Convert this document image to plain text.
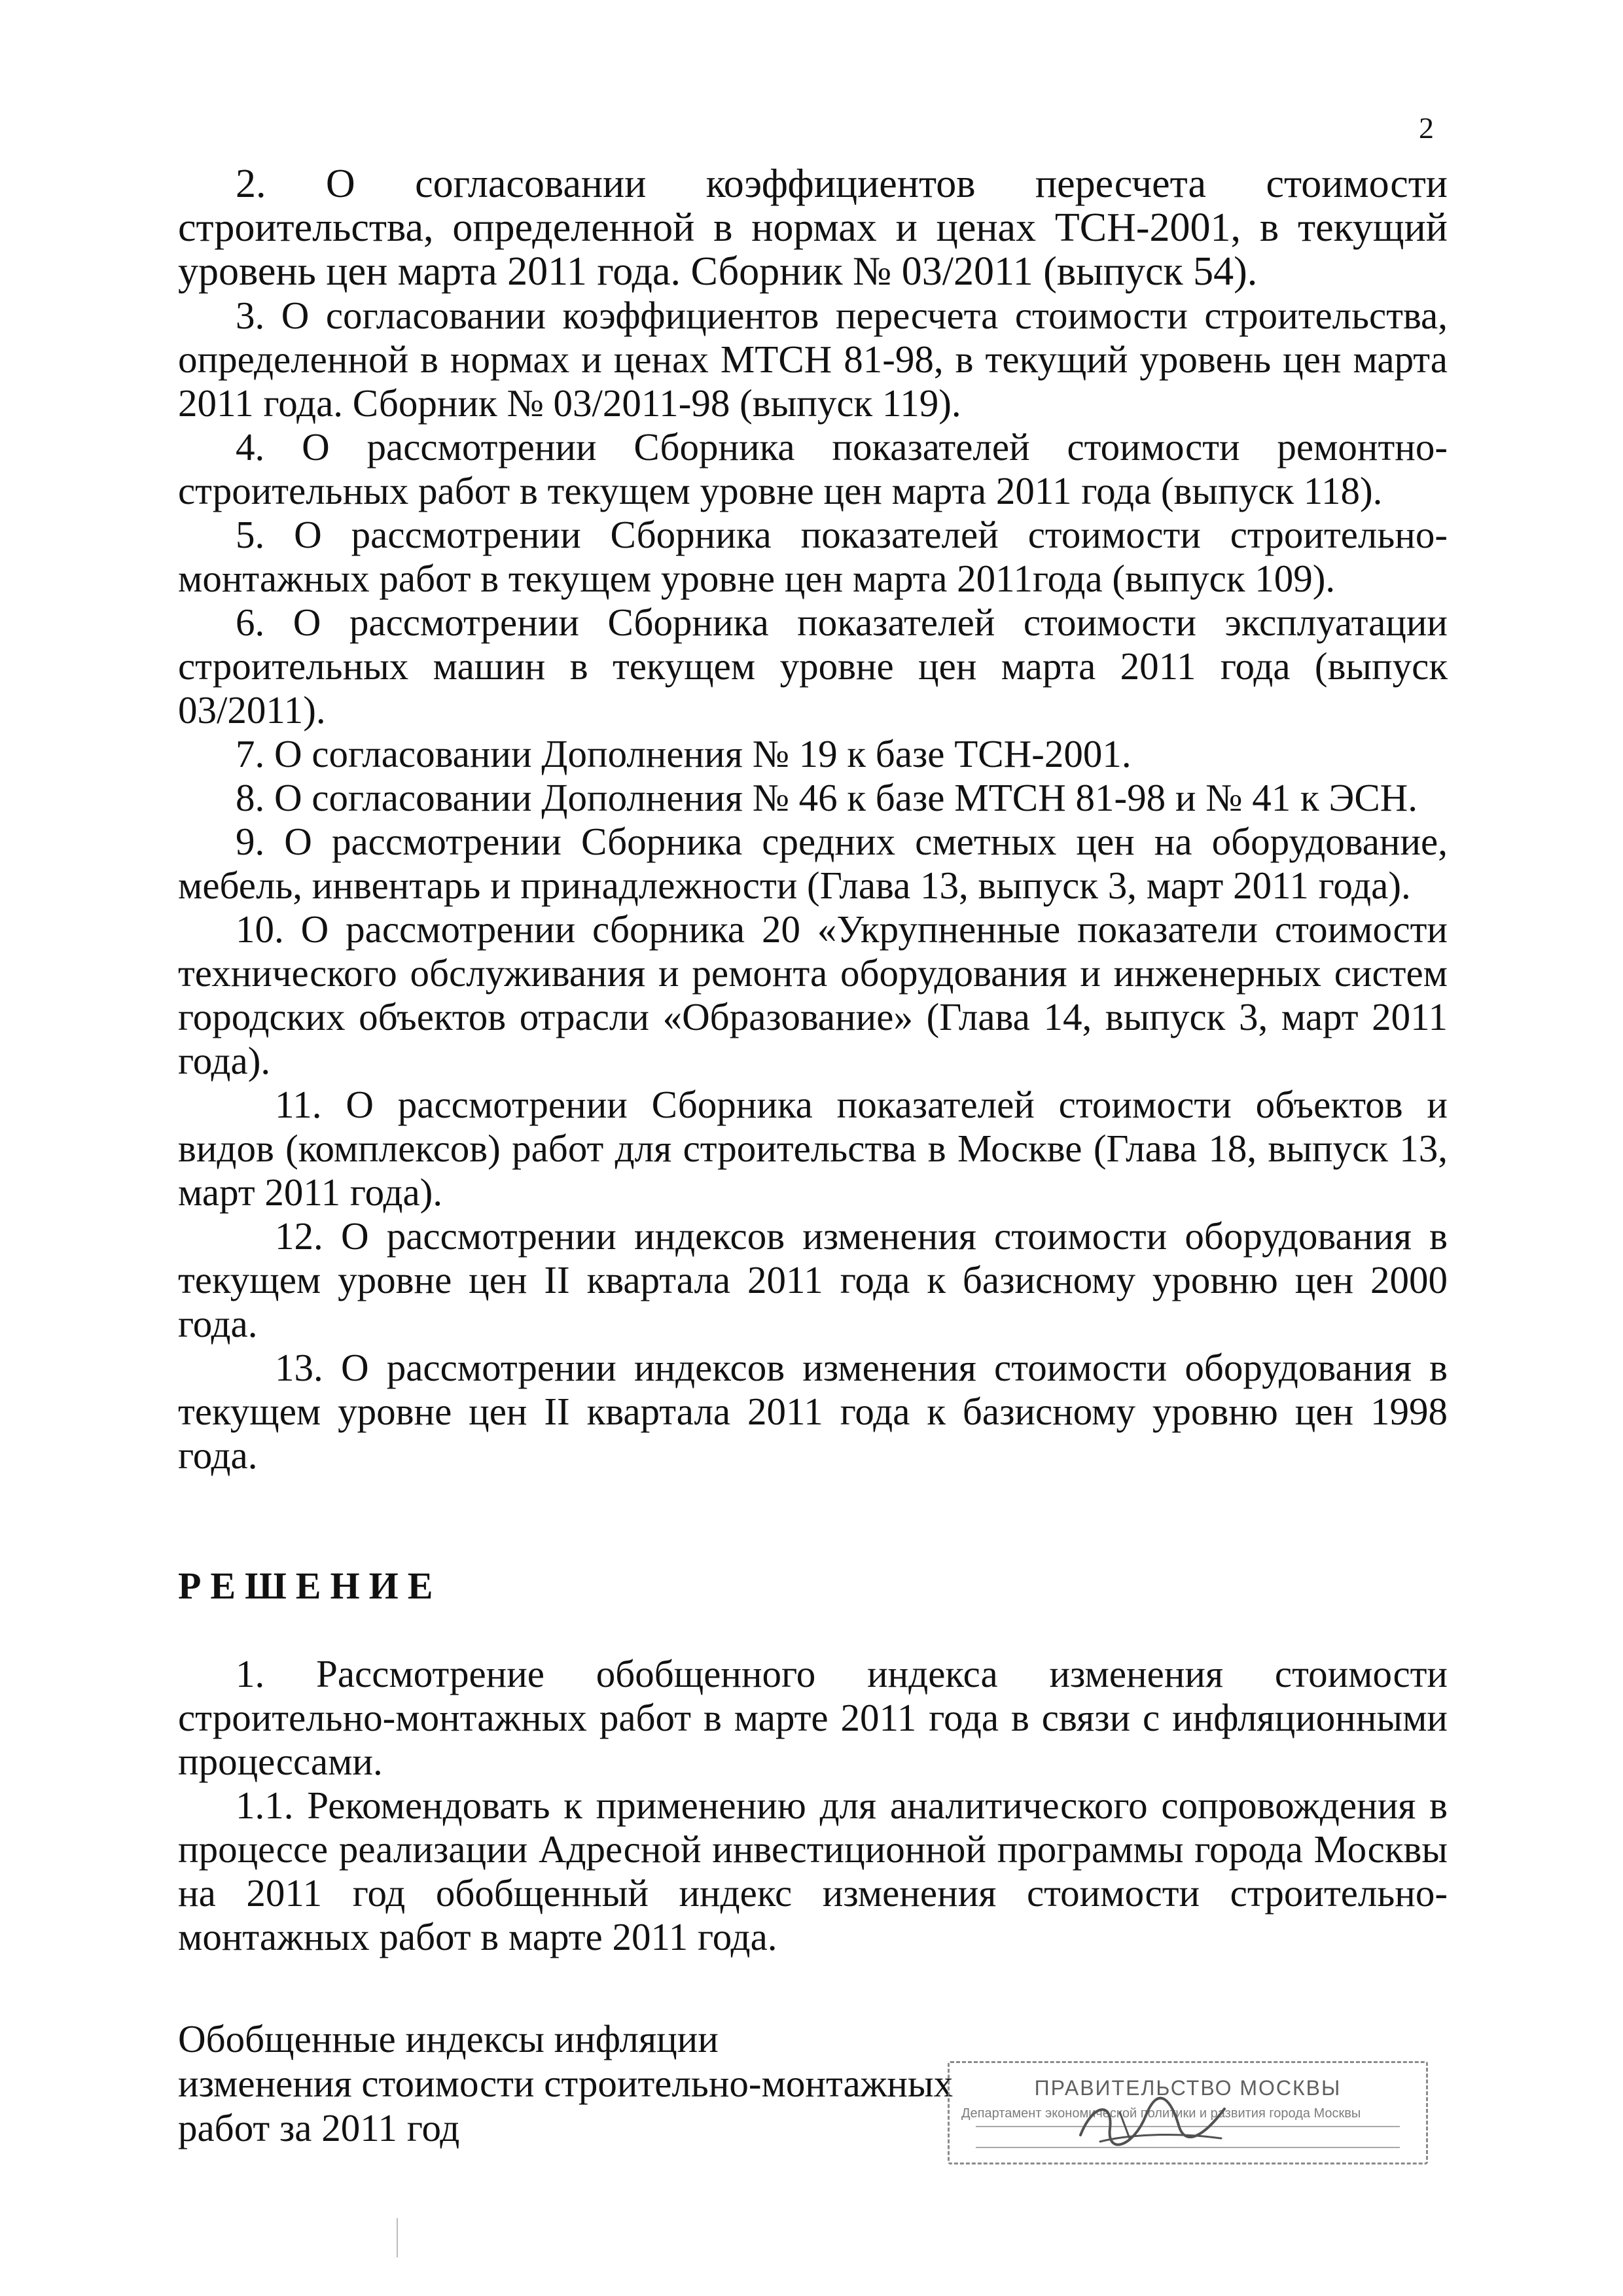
2

2. О согласовании коэффициентов пересчета стоимости строительства, определенной в нормах и ценах ТСН-2001, в текущий уровень цен марта 2011 года. Сборник № 03/2011 (выпуск 54).

3. О согласовании коэффициентов пересчета стоимости строительства, определенной в нормах и ценах МТСН 81-98, в текущий уровень цен марта 2011 года. Сборник № 03/2011-98 (выпуск 119).

4. О рассмотрении Сборника показателей стоимости ремонтно-строительных работ в текущем уровне цен марта 2011 года (выпуск 118).

5. О рассмотрении Сборника показателей стоимости строительно-монтажных работ в текущем уровне цен марта 2011года (выпуск 109).

6. О рассмотрении Сборника показателей стоимости эксплуатации строительных машин в текущем уровне цен марта 2011 года (выпуск 03/2011).

7. О согласовании Дополнения № 19 к базе ТСН-2001.

8. О согласовании Дополнения № 46 к базе МТСН 81-98 и № 41 к ЭСН.

9. О рассмотрении Сборника средних сметных цен на оборудование, мебель, инвентарь и принадлежности (Глава 13, выпуск 3, март 2011 года).

10. О рассмотрении сборника 20 «Укрупненные показатели стоимости технического обслуживания и ремонта оборудования и инженерных систем городских объектов отрасли «Образование» (Глава 14, выпуск 3, март 2011 года).

11. О рассмотрении Сборника показателей стоимости объектов и видов (комплексов) работ для строительства в Москве (Глава 18, выпуск 13, март 2011 года).

12. О рассмотрении индексов изменения стоимости оборудования в текущем уровне цен II квартала 2011 года к базисному уровню цен 2000 года.

13. О рассмотрении индексов изменения стоимости оборудования в текущем уровне цен II квартала 2011 года к базисному уровню цен 1998 года.

РЕШЕНИЕ

1. Рассмотрение обобщенного индекса изменения стоимости строительно-монтажных работ в марте 2011 года в связи с инфляционными процессами.

1.1. Рекомендовать к применению для аналитического сопровождения в процессе реализации Адресной инвестиционной программы города Москвы на 2011 год обобщенный индекс изменения стоимости строительно-монтажных работ в марте 2011 года.

Обобщенные индексы инфляции
изменения стоимости строительно-монтажных
работ за 2011 год
ПРАВИТЕЛЬСТВО МОСКВЫ
Департамент экономической политики и развития города Москвы
